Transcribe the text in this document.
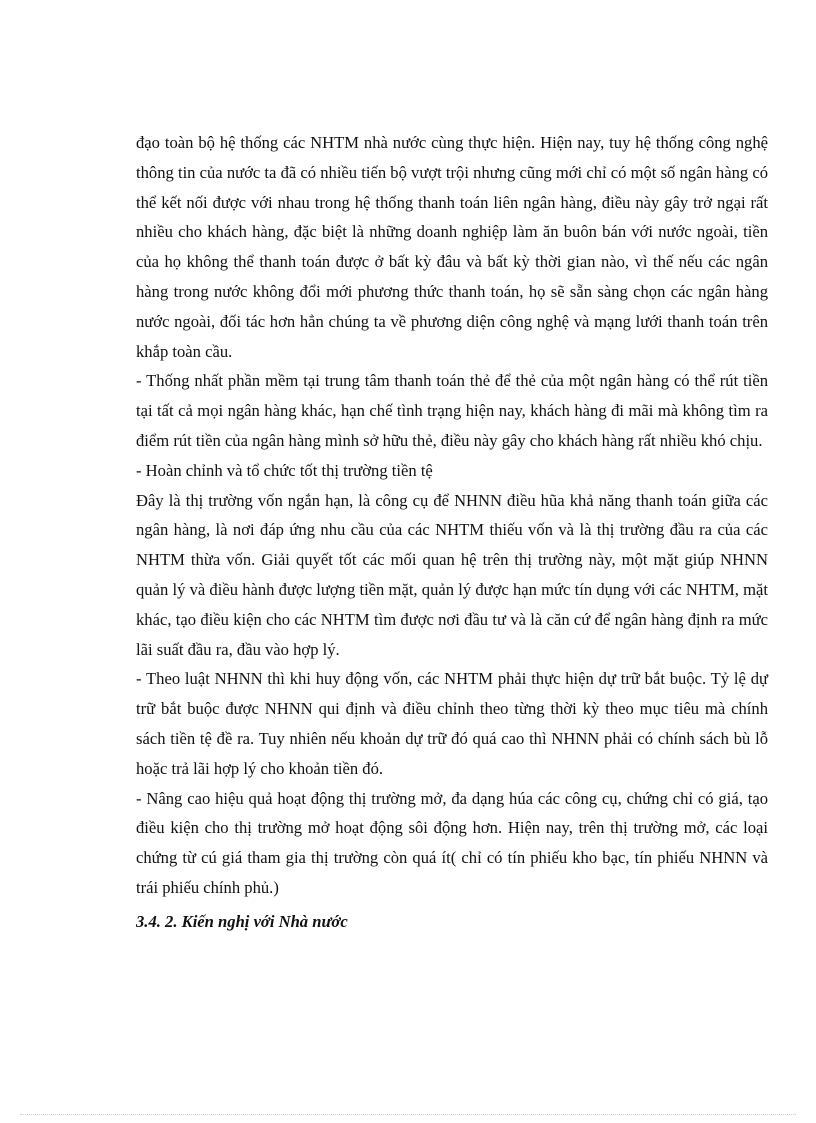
đạo toàn bộ hệ thống các NHTM nhà nước cùng thực hiện. Hiện nay, tuy hệ thống công nghệ thông tin của nước ta đã có nhiều tiến bộ vượt trội nhưng cũng mới chỉ có một số ngân hàng có thể kết nối được với nhau trong hệ thống thanh toán liên ngân hàng, điều này gây trở ngại rất nhiều cho khách hàng, đặc biệt là những doanh nghiệp làm ăn buôn bán với nước ngoài, tiền của họ không thể thanh toán được ở bất kỳ đâu và bất kỳ thời gian nào, vì thế nếu các ngân hàng trong nước không đổi mới phương thức thanh toán, họ sẽ sẵn sàng chọn các ngân hàng nước ngoài, đối tác hơn hẳn chúng ta về phương diện công nghệ và mạng lưới thanh toán trên khắp toàn cầu.

- Thống nhất phần mềm tại trung tâm thanh toán thẻ để thẻ của một ngân hàng có thể rút tiền tại tất cả mọi ngân hàng khác, hạn chế tình trạng hiện nay, khách hàng đi mãi mà không tìm ra điểm rút tiền của ngân hàng mình sở hữu thẻ, điều này gây cho khách hàng rất nhiều khó chịu.

- Hoàn chỉnh và tổ chức tốt thị trường tiền tệ

Đây là thị trường vốn ngắn hạn, là công cụ để NHNN điều hũa khả năng thanh toán giữa các ngân hàng, là nơi đáp ứng nhu cầu của các NHTM thiếu vốn và là thị trường đầu ra của các NHTM thừa vốn. Giải quyết tốt các mối quan hệ trên thị trường này, một mặt giúp NHNN quản lý và điều hành được lượng tiền mặt, quản lý được hạn mức tín dụng với các NHTM, mặt khác, tạo điều kiện cho các NHTM tìm được nơi đầu tư và là căn cứ để ngân hàng định ra mức lãi suất đầu ra, đầu vào hợp lý.

- Theo luật NHNN thì khi huy động vốn, các NHTM phải thực hiện dự trữ bắt buộc. Tỷ lệ dự trữ bắt buộc được NHNN qui định và điều chỉnh theo từng thời kỳ theo mục tiêu mà chính sách tiền tệ đề ra. Tuy nhiên nếu khoản dự trữ đó quá cao thì NHNN phải có chính sách bù lỗ hoặc trả lãi hợp lý cho khoản tiền đó.

- Nâng cao hiệu quả hoạt động thị trường mở, đa dạng húa các công cụ, chứng chỉ có giá, tạo điều kiện cho thị trường mở hoạt động sôi động hơn. Hiện nay, trên thị trường mở, các loại chứng từ cú giá tham gia thị trường còn quá ít( chỉ có tín phiếu kho bạc, tín phiếu NHNN và trái phiếu chính phủ.)

3.4. 2. Kiến nghị với Nhà nước
